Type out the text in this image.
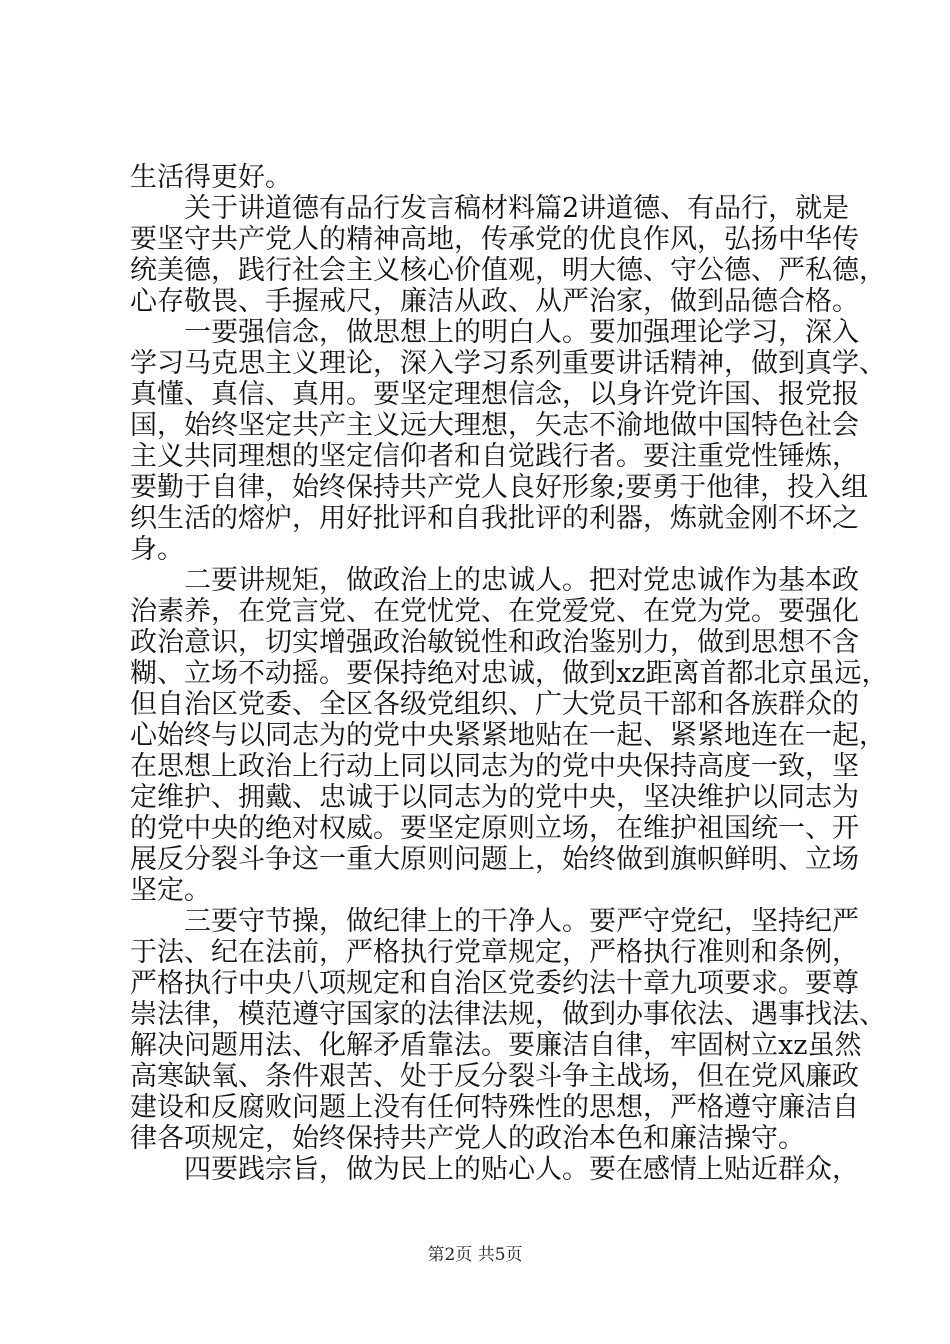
生活得更好。

关于讲道德有品行发言稿材料篇2讲道德、有品行，就是

要坚守共产党人的精神高地，传承党的优良作风，弘扬中华传

统美德，践行社会主义核心价值观，明大德、守公德、严私德，

心存敬畏、手握戒尺，廉洁从政、从严治家，做到品德合格。

一要强信念，做思想上的明白人。要加强理论学习，深入

学习马克思主义理论，深入学习系列重要讲话精神，做到真学、

真懂、真信、真用。要坚定理想信念，以身许党许国、报党报

国，始终坚定共产主义远大理想，矢志不渝地做中国特色社会

主义共同理想的坚定信仰者和自觉践行者。要注重党性锤炼，

要勤于自律，始终保持共产党人良好形象;要勇于他律，投入组

织生活的熔炉，用好批评和自我批评的利器，炼就金刚不坏之

身。

二要讲规矩，做政治上的忠诚人。把对党忠诚作为基本政

治素养，在党言党、在党忧党、在党爱党、在党为党。要强化

政治意识，切实增强政治敏锐性和政治鉴别力，做到思想不含

糊、立场不动摇。要保持绝对忠诚，做到xz距离首都北京虽远，

但自治区党委、全区各级党组织、广大党员干部和各族群众的

心始终与以同志为的党中央紧紧地贴在一起、紧紧地连在一起，

在思想上政治上行动上同以同志为的党中央保持高度一致，坚

定维护、拥戴、忠诚于以同志为的党中央，坚决维护以同志为

的党中央的绝对权威。要坚定原则立场，在维护祖国统一、开

展反分裂斗争这一重大原则问题上，始终做到旗帜鲜明、立场

坚定。

三要守节操，做纪律上的干净人。要严守党纪，坚持纪严

于法、纪在法前，严格执行党章规定，严格执行准则和条例，

严格执行中央八项规定和自治区党委约法十章九项要求。要尊

崇法律，模范遵守国家的法律法规，做到办事依法、遇事找法、

解决问题用法、化解矛盾靠法。要廉洁自律，牢固树立xz虽然

高寒缺氧、条件艰苦、处于反分裂斗争主战场，但在党风廉政

建设和反腐败问题上没有任何特殊性的思想，严格遵守廉洁自

律各项规定，始终保持共产党人的政治本色和廉洁操守。

四要践宗旨，做为民上的贴心人。要在感情上贴近群众，

第2页 共5页
